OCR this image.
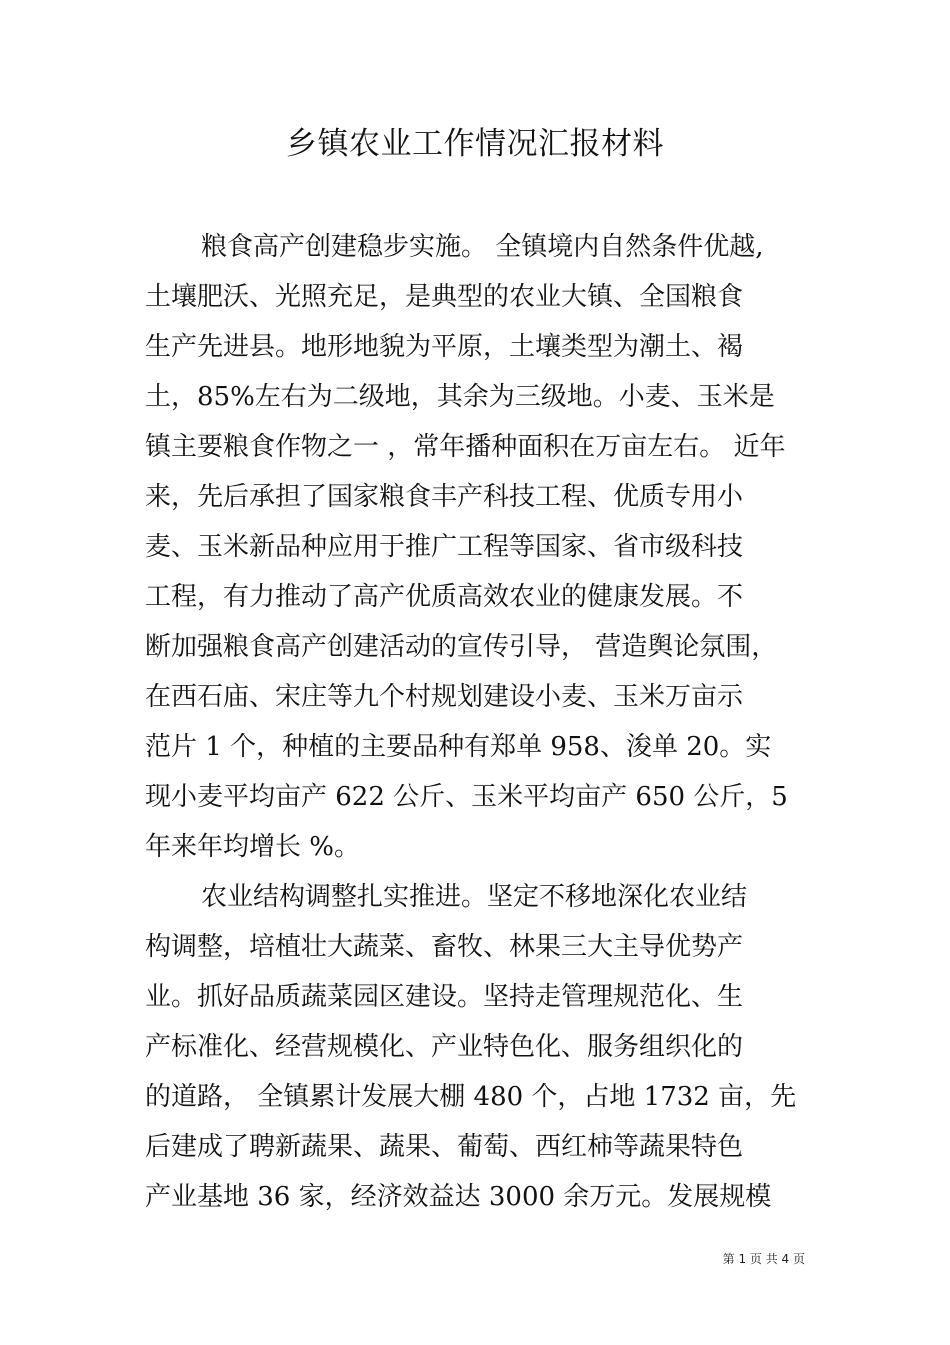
乡镇农业工作情况汇报材料
粮食高产创建稳步实施。 全镇境内自然条件优越,
土壤肥沃、光照充足，是典型的农业大镇、全国粮食
生产先进县。地形地貌为平原，土壤类型为潮土、褐
土，85%左右为二级地，其余为三级地。小麦、玉米是
镇主要粮食作物之一 ，常年播种面积在万亩左右。 近年
来，先后承担了国家粮食丰产科技工程、优质专用小
麦、玉米新品种应用于推广工程等国家、省市级科技
工程，有力推动了高产优质高效农业的健康发展。不
断加强粮食高产创建活动的宣传引导， 营造舆论氛围，
在西石庙、宋庄等九个村规划建设小麦、玉米万亩示
范片 1 个，种植的主要品种有郑单 958、浚单 20。实
现小麦平均亩产 622 公斤、玉米平均亩产 650 公斤，5
年来年均增长 %。
农业结构调整扎实推进。坚定不移地深化农业结
构调整，培植壮大蔬菜、畜牧、林果三大主导优势产
业。抓好品质蔬菜园区建设。坚持走管理规范化、生
产标准化、经营规模化、产业特色化、服务组织化的
的道路， 全镇累计发展大棚 480 个，占地 1732 亩，先
后建成了聘新蔬果、蔬果、葡萄、西红柿等蔬果特色
产业基地 36 家，经济效益达 3000 余万元。发展规模
第 1 页 共 4 页
